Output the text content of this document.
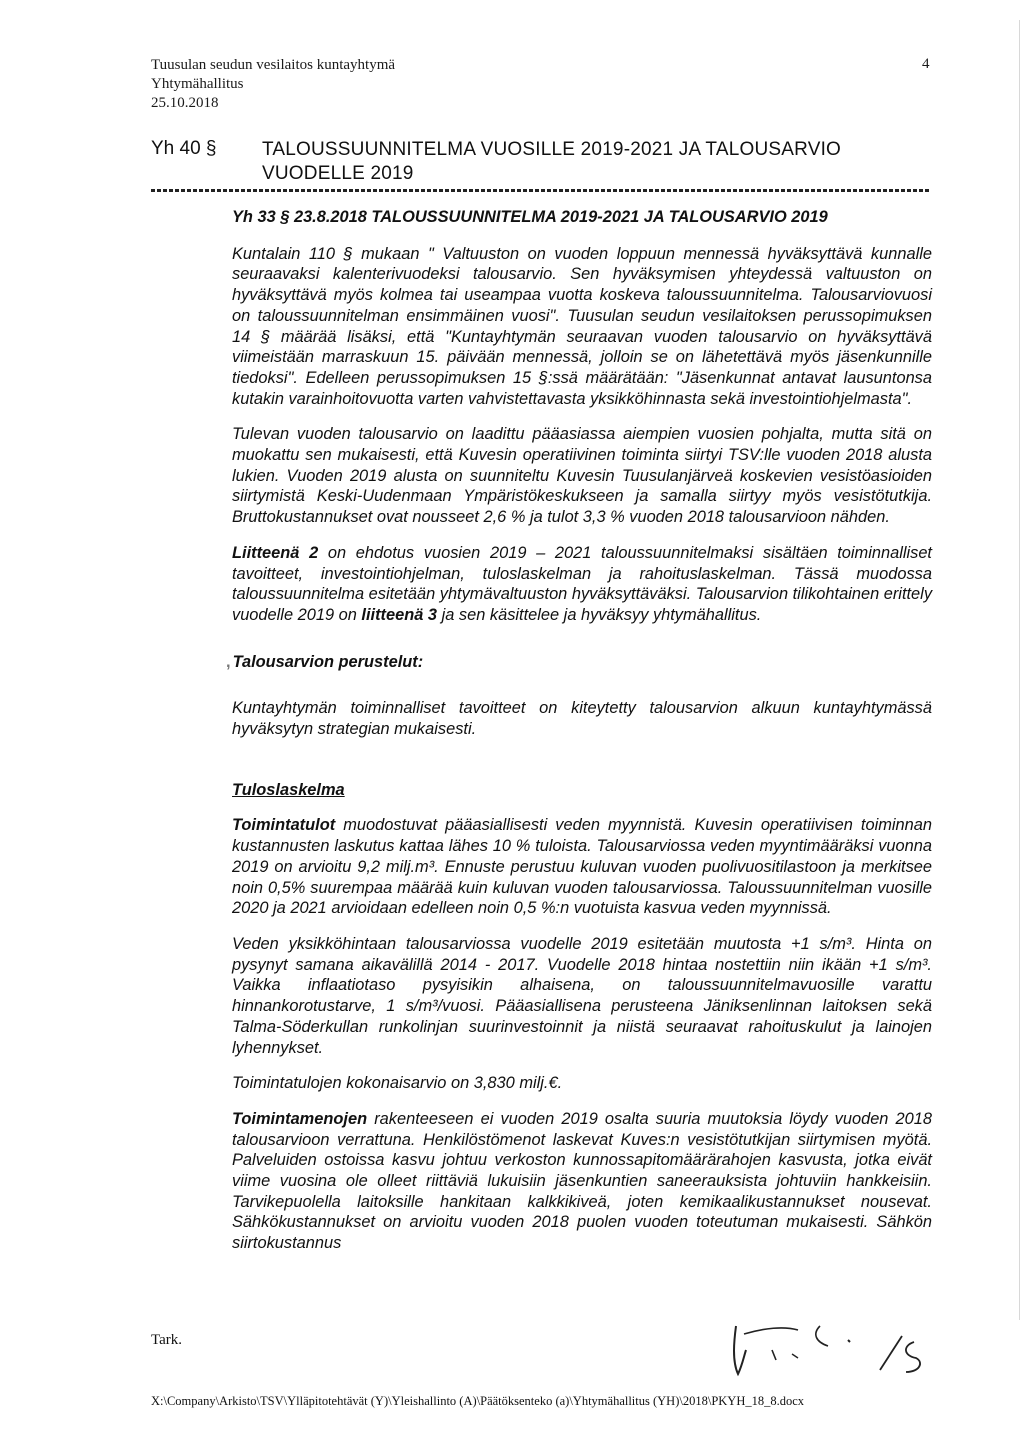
Tuusulan seudun vesilaitos kuntayhtymä
Yhtymähallitus
25.10.2018
4
Yh 40 § TALOUSSUUNNITELMA VUOSILLE 2019-2021 JA TALOUSARVIO VUODELLE 2019

Yh 33 § 23.8.2018 TALOUSSUUNNITELMA 2019-2021 JA TALOUSARVIO 2019

Kuntalain 110 § mukaan " Valtuuston on vuoden loppuun mennessä hyväksyttävä kunnalle seuraavaksi kalenterivuodeksi talousarvio. Sen hyväksymisen yhteydessä valtuuston on hyväksyttävä myös kolmea tai useampaa vuotta koskeva taloussuunnitelma. Talousarviovuosi on taloussuunnitelman ensimmäinen vuosi". Tuusulan seudun vesilaitoksen perussopimuksen 14 § määrää lisäksi, että "Kuntayhtymän seuraavan vuoden talousarvio on hyväksyttävä viimeistään marraskuun 15. päivään mennessä, jolloin se on lähetettävä myös jäsenkunnille tiedoksi". Edelleen perussopimuksen 15 §:ssä määrätään: "Jäsenkunnat antavat lausuntonsa kutakin varainhoitovuotta varten vahvistettavasta yksikköhinnasta sekä investointiohjelmasta".

Tulevan vuoden talousarvio on laadittu pääasiassa aiempien vuosien pohjalta, mutta sitä on muokattu sen mukaisesti, että Kuvesin operatiivinen toiminta siirtyi TSV:lle vuoden 2018 alusta lukien. Vuoden 2019 alusta on suunniteltu Kuvesin Tuusulanjärveä koskevien vesistöasioiden siirtymistä Keski-Uudenmaan Ympäristökeskukseen ja samalla siirtyy myös vesistötutkija. Bruttokustannukset ovat nousseet 2,6 % ja tulot 3,3 % vuoden 2018 talousarvioon nähden.

Liitteenä 2 on ehdotus vuosien 2019 – 2021 taloussuunnitelmaksi sisältäen toiminnalliset tavoitteet, investointiohjelman, tuloslaskelman ja rahoituslaskelman. Tässä muodossa taloussuunnitelma esitetään yhtymävaltuuston hyväksyttäväksi. Talousarvion tilikohtainen erittely vuodelle 2019 on liitteenä 3 ja sen käsittelee ja hyväksyy yhtymähallitus.

, Talousarvion perustelut:

Kuntayhtymän toiminnalliset tavoitteet on kiteytetty talousarvion alkuun kuntayhtymässä hyväksytyn strategian mukaisesti.

Tuloslaskelma

Toimintatulot muodostuvat pääasiallisesti veden myynnistä. Kuvesin operatiivisen toiminnan kustannusten laskutus kattaa lähes 10 % tuloista. Talousarviossa veden myyntimääräksi vuonna 2019 on arvioitu 9,2 milj.m³. Ennuste perustuu kuluvan vuoden puolivuositilastoon ja merkitsee noin 0,5% suurempaa määrää kuin kuluvan vuoden talousarviossa. Taloussuunnitelman vuosille 2020 ja 2021 arvioidaan edelleen noin 0,5 %:n vuotuista kasvua veden myynnissä.

Veden yksikköhintaan talousarviossa vuodelle 2019 esitetään muutosta +1 s/m³. Hinta on pysynyt samana aikavälillä 2014 - 2017. Vuodelle 2018 hintaa nostettiin niin ikään +1 s/m³. Vaikka inflaatiotaso pysyisikin alhaisena, on taloussuunnitelmavuosille varattu hinnankorotustarve, 1 s/m³/vuosi. Pääasiallisena perusteena Jäniksenlinnan laitoksen sekä Talma-Söderkullan runkolinjan suurinvestoinnit ja niistä seuraavat rahoituskulut ja lainojen lyhennykset.

Toimintatulojen kokonaisarvio on 3,830 milj.€.

Toimintamenojen rakenteeseen ei vuoden 2019 osalta suuria muutoksia löydy vuoden 2018 talousarvioon verrattuna. Henkilöstömenot laskevat Kuves:n vesistötutkijan siirtymisen myötä. Palveluiden ostoissa kasvu johtuu verkoston kunnossapitomäärärahojen kasvusta, jotka eivät viime vuosina ole olleet riittäviä lukuisiin jäsenkuntien saneerauksista johtuviin hankkeisiin. Tarvikepuolella laitoksille hankitaan kalkkikiveä, joten kemikaalikustannukset nousevat. Sähkökustannukset on arvioitu vuoden 2018 puolen vuoden toteutuman mukaisesti. Sähkön siirtokustannus

Tark.
X:\Company\Arkisto\TSV\Ylläpitotehtävät (Y)\Yleishallinto (A)\Päätöksenteko (a)\Yhtymähallitus (YH)\2018\PKYH_18_8.docx
